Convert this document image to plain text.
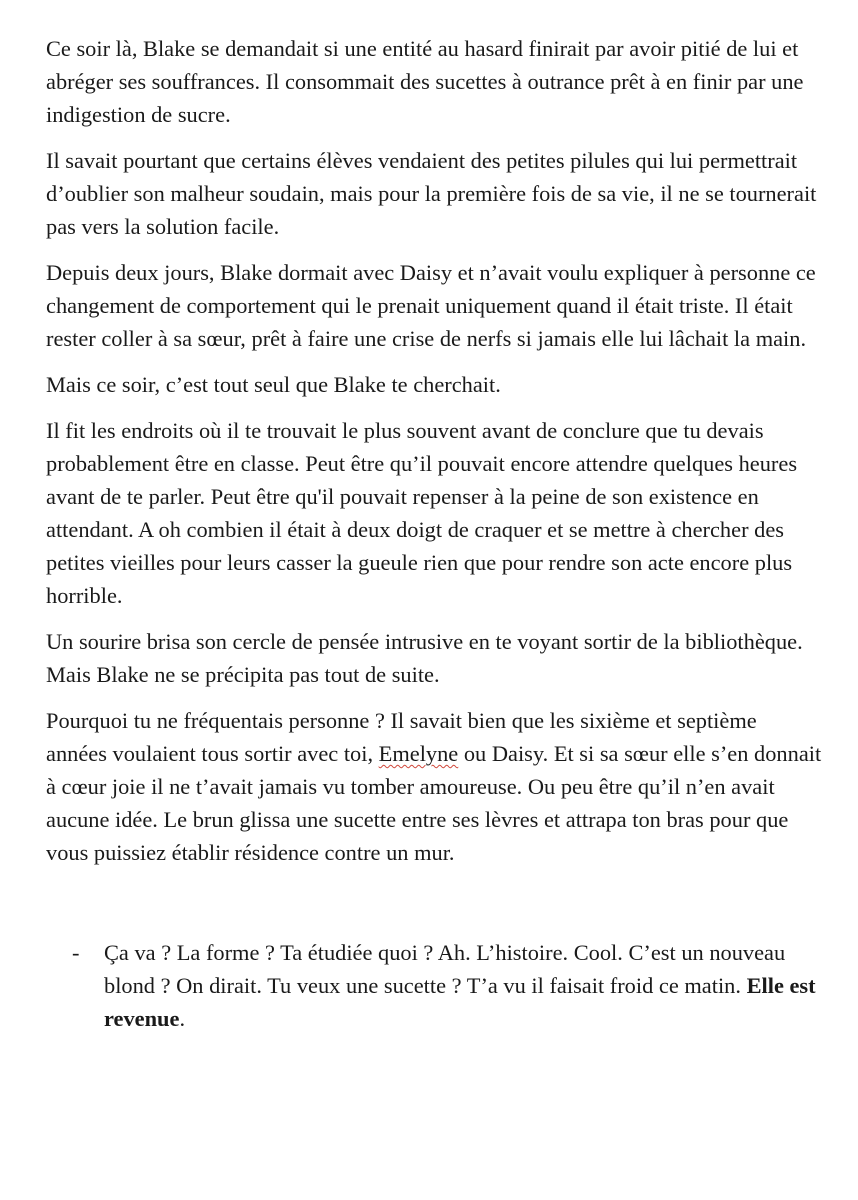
Ce soir là, Blake se demandait si une entité au hasard finirait par avoir pitié de lui et abréger ses souffrances. Il consommait des sucettes à outrance prêt à en finir par une indigestion de sucre.

Il savait pourtant que certains élèves vendaient des petites pilules qui lui permettrait d’oublier son malheur soudain, mais pour la première fois de sa vie, il ne se tournerait pas vers la solution facile.

Depuis deux jours, Blake dormait avec Daisy et n’avait voulu expliquer à personne ce changement de comportement qui le prenait uniquement quand il était triste. Il était rester coller à sa sœur, prêt à faire une crise de nerfs si jamais elle lui lâchait la main.

Mais ce soir, c’est tout seul que Blake te cherchait.

Il fit les endroits où il te trouvait le plus souvent avant de conclure que tu devais probablement être en classe. Peut être qu’il pouvait encore attendre quelques heures avant de te parler. Peut être qu'il pouvait repenser à la peine de son existence en attendant. A oh combien il était à deux doigt de craquer et se mettre à chercher des petites vieilles pour leurs casser la gueule rien que pour rendre son acte encore plus horrible.

Un sourire brisa son cercle de pensée intrusive en te voyant sortir de la bibliothèque. Mais Blake ne se précipita pas tout de suite.

Pourquoi tu ne fréquentais personne ? Il savait bien que les sixième et septième années voulaient tous sortir avec toi, Emelyne ou Daisy. Et si sa sœur elle s’en donnait à cœur joie il ne t’avait jamais vu tomber amoureuse. Ou peu être qu’il n’en avait aucune idée. Le brun glissa une sucette entre ses lèvres et attrapa ton bras pour que vous puissiez établir résidence contre un mur.

- Ça va ? La forme ? Ta étudiée quoi ? Ah. L’histoire. Cool. C’est un nouveau blond ? On dirait. Tu veux une sucette ? T’a vu il faisait froid ce matin. Elle est revenue.
